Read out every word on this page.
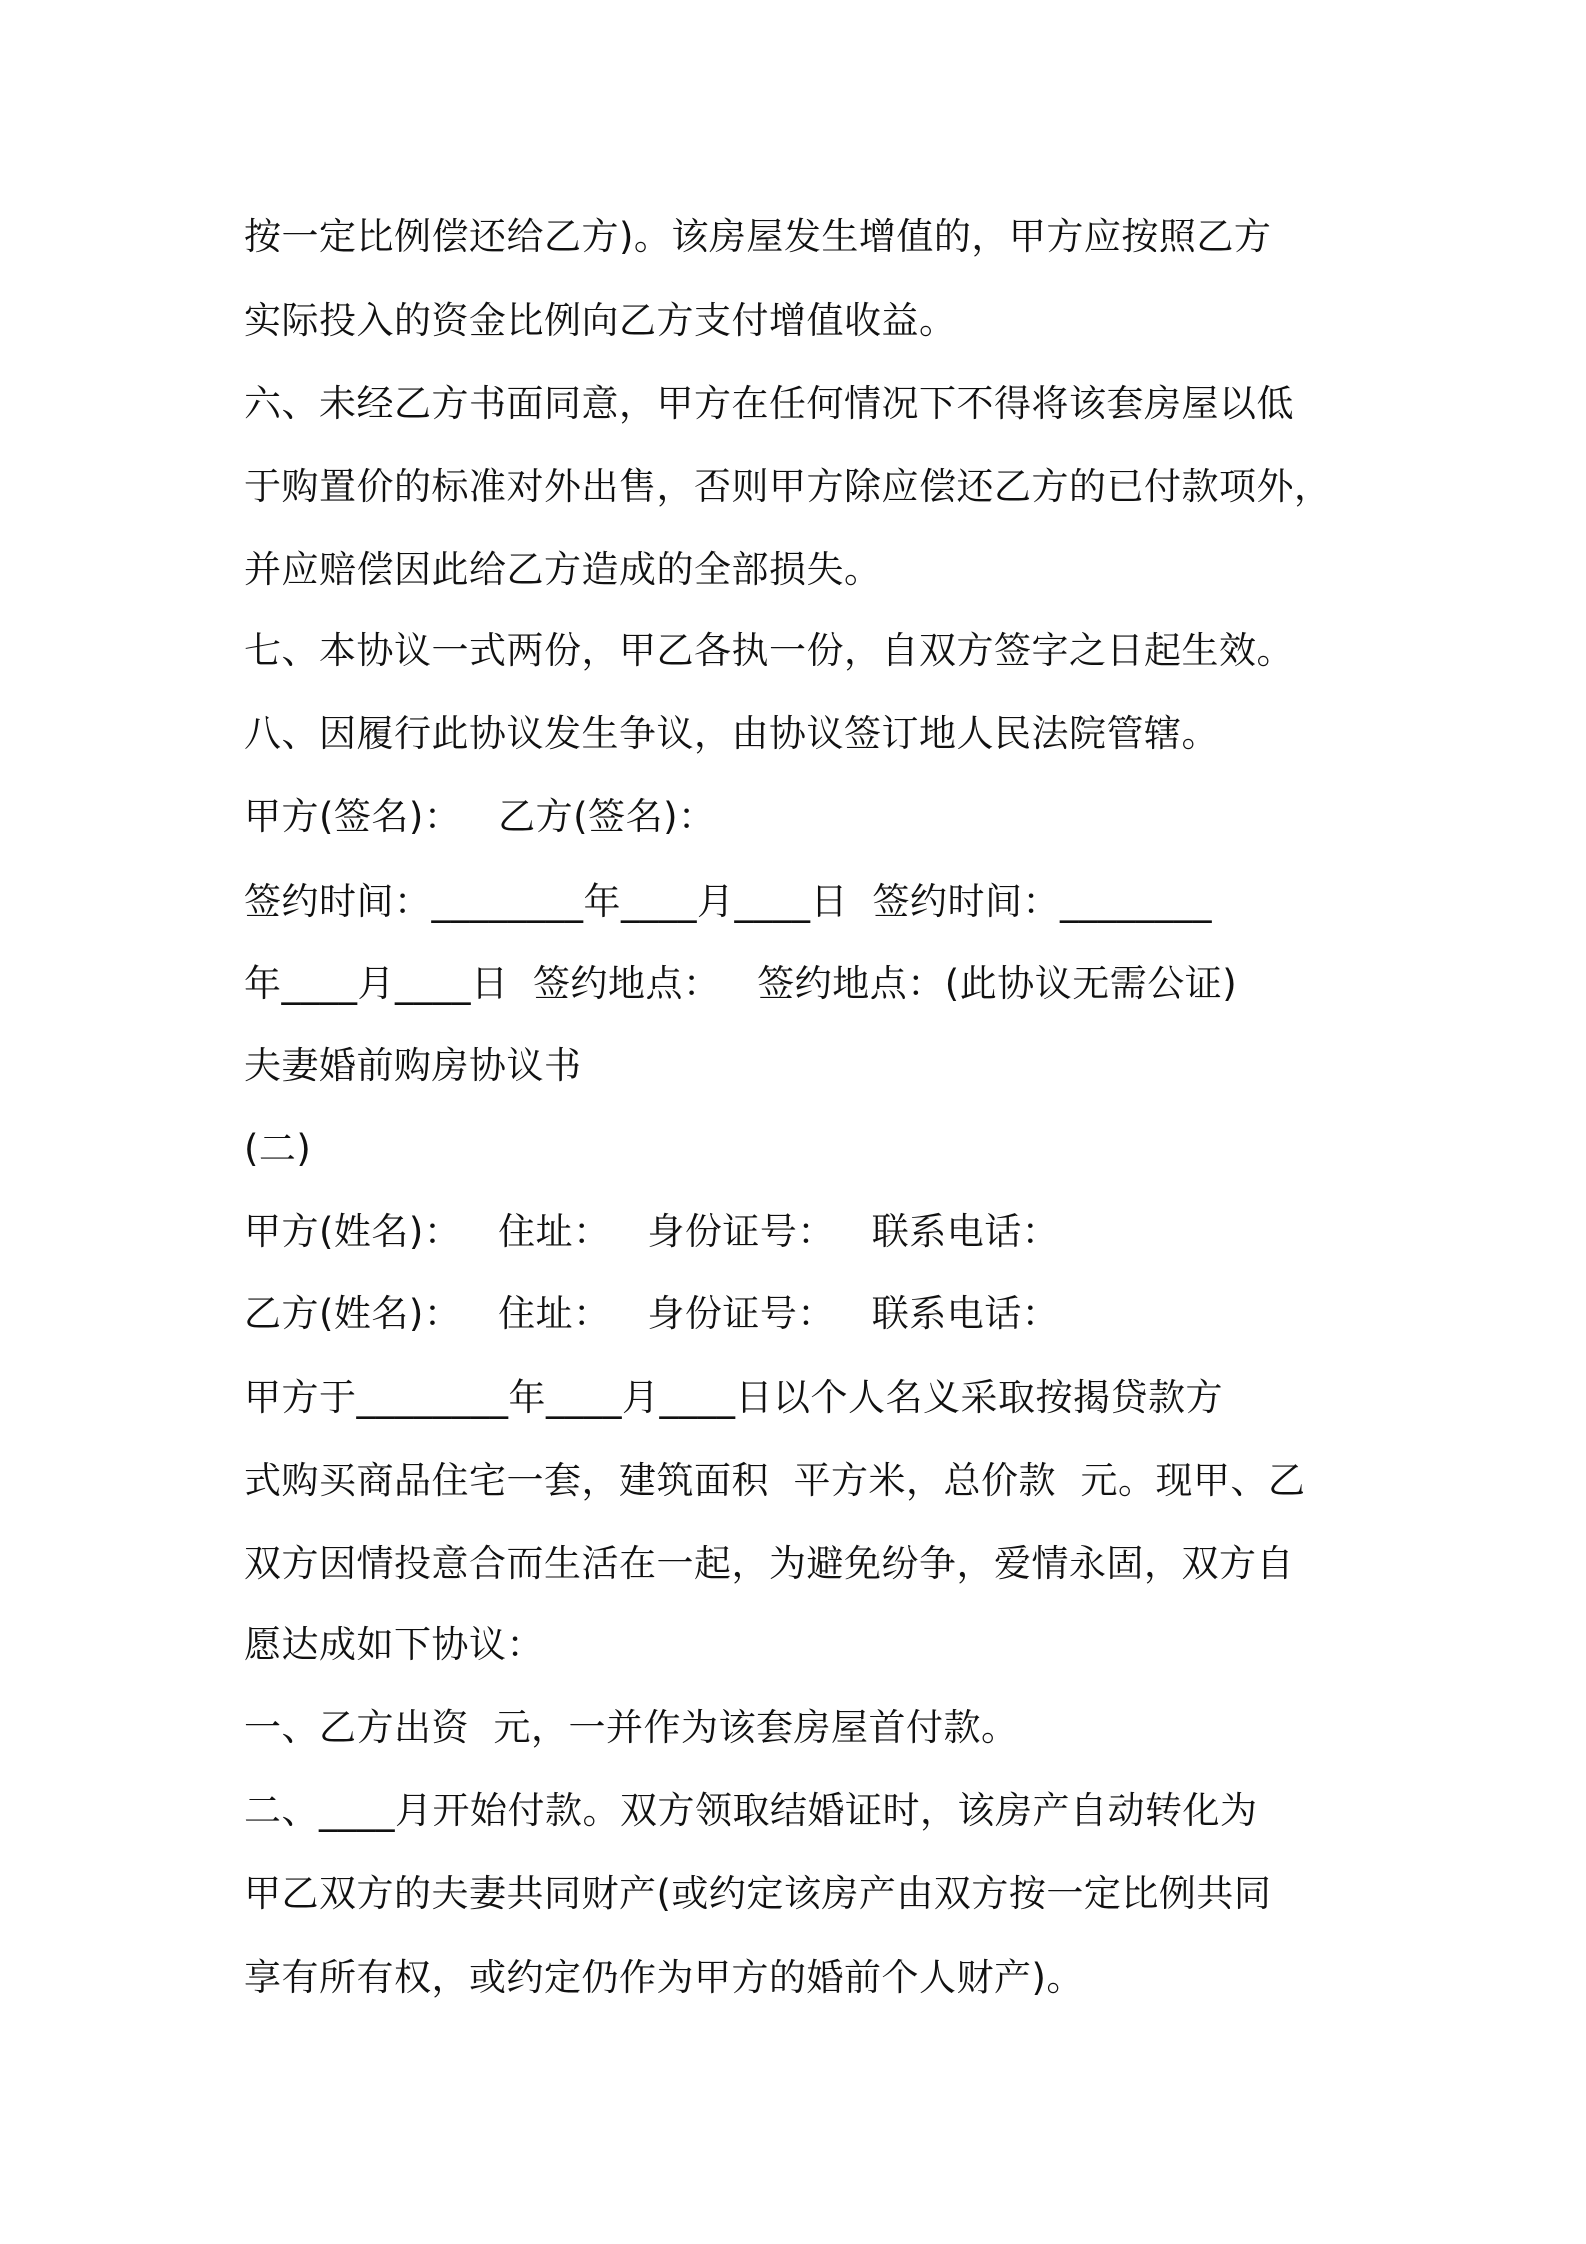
按一定比例偿还给乙方)。该房屋发生增值的，甲方应按照乙方
实际投入的资金比例向乙方支付增值收益。
六、未经乙方书面同意，甲方在任何情况下不得将该套房屋以低
于购置价的标准对外出售，否则甲方除应偿还乙方的已付款项外，
并应赔偿因此给乙方造成的全部损失。
七、本协议一式两份，甲乙各执一份，自双方签字之日起生效。
八、因履行此协议发生争议，由协议签订地人民法院管辖。
甲方(签名)：   乙方(签名)：
签约时间：________年____月____日  签约时间：________
年____月____日  签约地点：   签约地点：(此协议无需公证)
夫妻婚前购房协议书
(二)
甲方(姓名)：   住址：   身份证号：   联系电话：
乙方(姓名)：   住址：   身份证号：   联系电话：
甲方于________年____月____日以个人名义采取按揭贷款方
式购买商品住宅一套，建筑面积  平方米，总价款  元。现甲、乙
双方因情投意合而生活在一起，为避免纷争，爱情永固，双方自
愿达成如下协议：
一、乙方出资  元，一并作为该套房屋首付款。
二、____月开始付款。双方领取结婚证时，该房产自动转化为
甲乙双方的夫妻共同财产(或约定该房产由双方按一定比例共同
享有所有权，或约定仍作为甲方的婚前个人财产)。
